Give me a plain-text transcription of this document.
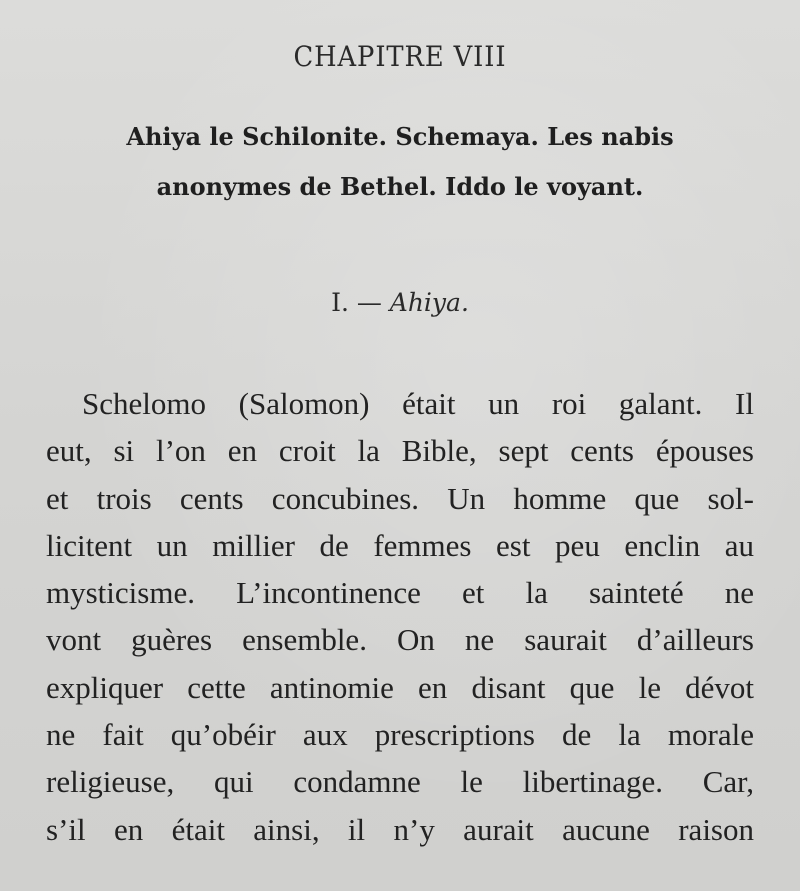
CHAPITRE VIII
Ahiya le Schilonite. Schemaya. Les nabis
anonymes de Bethel. Iddo le voyant.
I. — Ahiya.
Schelomo (Salomon) était un roi galant. Il
eut, si l’on en croit la Bible, sept cents épouses
et trois cents concubines. Un homme que sol-
licitent un millier de femmes est peu enclin au
mysticisme. L’incontinence et la sainteté ne
vont guères ensemble. On ne saurait d’ailleurs
expliquer cette antinomie en disant que le dévot
ne fait qu’obéir aux prescriptions de la morale
religieuse, qui condamne le libertinage. Car,
s’il en était ainsi, il n’y aurait aucune raison
